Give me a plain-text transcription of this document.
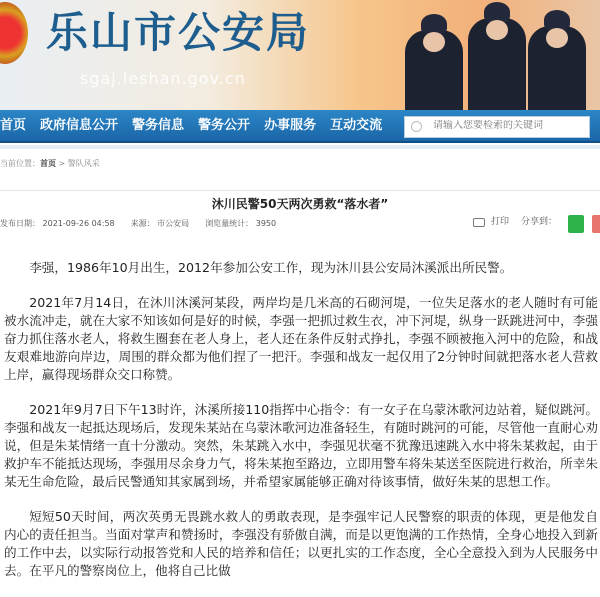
乐山市公安局
sgaj.leshan.gov.cn
首页 政府信息公开 警务信息 警务公开 办事服务 互动交流
请输入您要检索的关键词
当前位置：首页 > 警队风采
沐川民警50天两次勇救“落水者”
发布日期： 2021-09-26 04:58 来源： 市公安局 浏览量统计： 3950	打印 分享到：

李强，1986年10月出生，2012年参加公安工作，现为沐川县公安局沐溪派出所民警。

2021年7月14日，在沐川沐溪河某段，两岸均是几米高的石砌河堤，一位失足落水的老人随时有可能被水流冲走，就在大家不知该如何是好的时候，李强一把抓过救生衣，冲下河堤，纵身一跃跳进河中，李强奋力抓住落水老人，将救生圈套在老人身上，老人还在条件反射式挣扎，李强不顾被拖入河中的危险，和战友艰难地游向岸边，周围的群众都为他们捏了一把汗。李强和战友一起仅用了2分钟时间就把落水老人营救上岸，赢得现场群众交口称赞。

2021年9月7日下午13时许，沐溪所接110指挥中心指令：有一女子在乌蒙沐歌河边站着，疑似跳河。李强和战友一起抵达现场后，发现朱某站在乌蒙沐歌河边准备轻生，有随时跳河的可能，尽管他一直耐心劝说，但是朱某情绪一直十分激动。突然，朱某跳入水中，李强见状毫不犹豫迅速跳入水中将朱某救起，由于救护车不能抵达现场，李强用尽余身力气，将朱某抱至路边，立即用警车将朱某送至医院进行救治，所幸朱某无生命危险，最后民警通知其家属到场，并希望家属能够正确对待该事情，做好朱某的思想工作。

短短50天时间，两次英勇无畏跳水救人的勇敢表现，是李强牢记人民警察的职责的体现，更是他发自内心的责任担当。当面对掌声和赞扬时，李强没有骄傲自满，而是以更饱满的工作热情，全身心地投入到新的工作中去，以实际行动报答党和人民的培养和信任；以更扎实的工作态度，全心全意投入到为人民服务中去。在平凡的警察岗位上，他将自己比做
